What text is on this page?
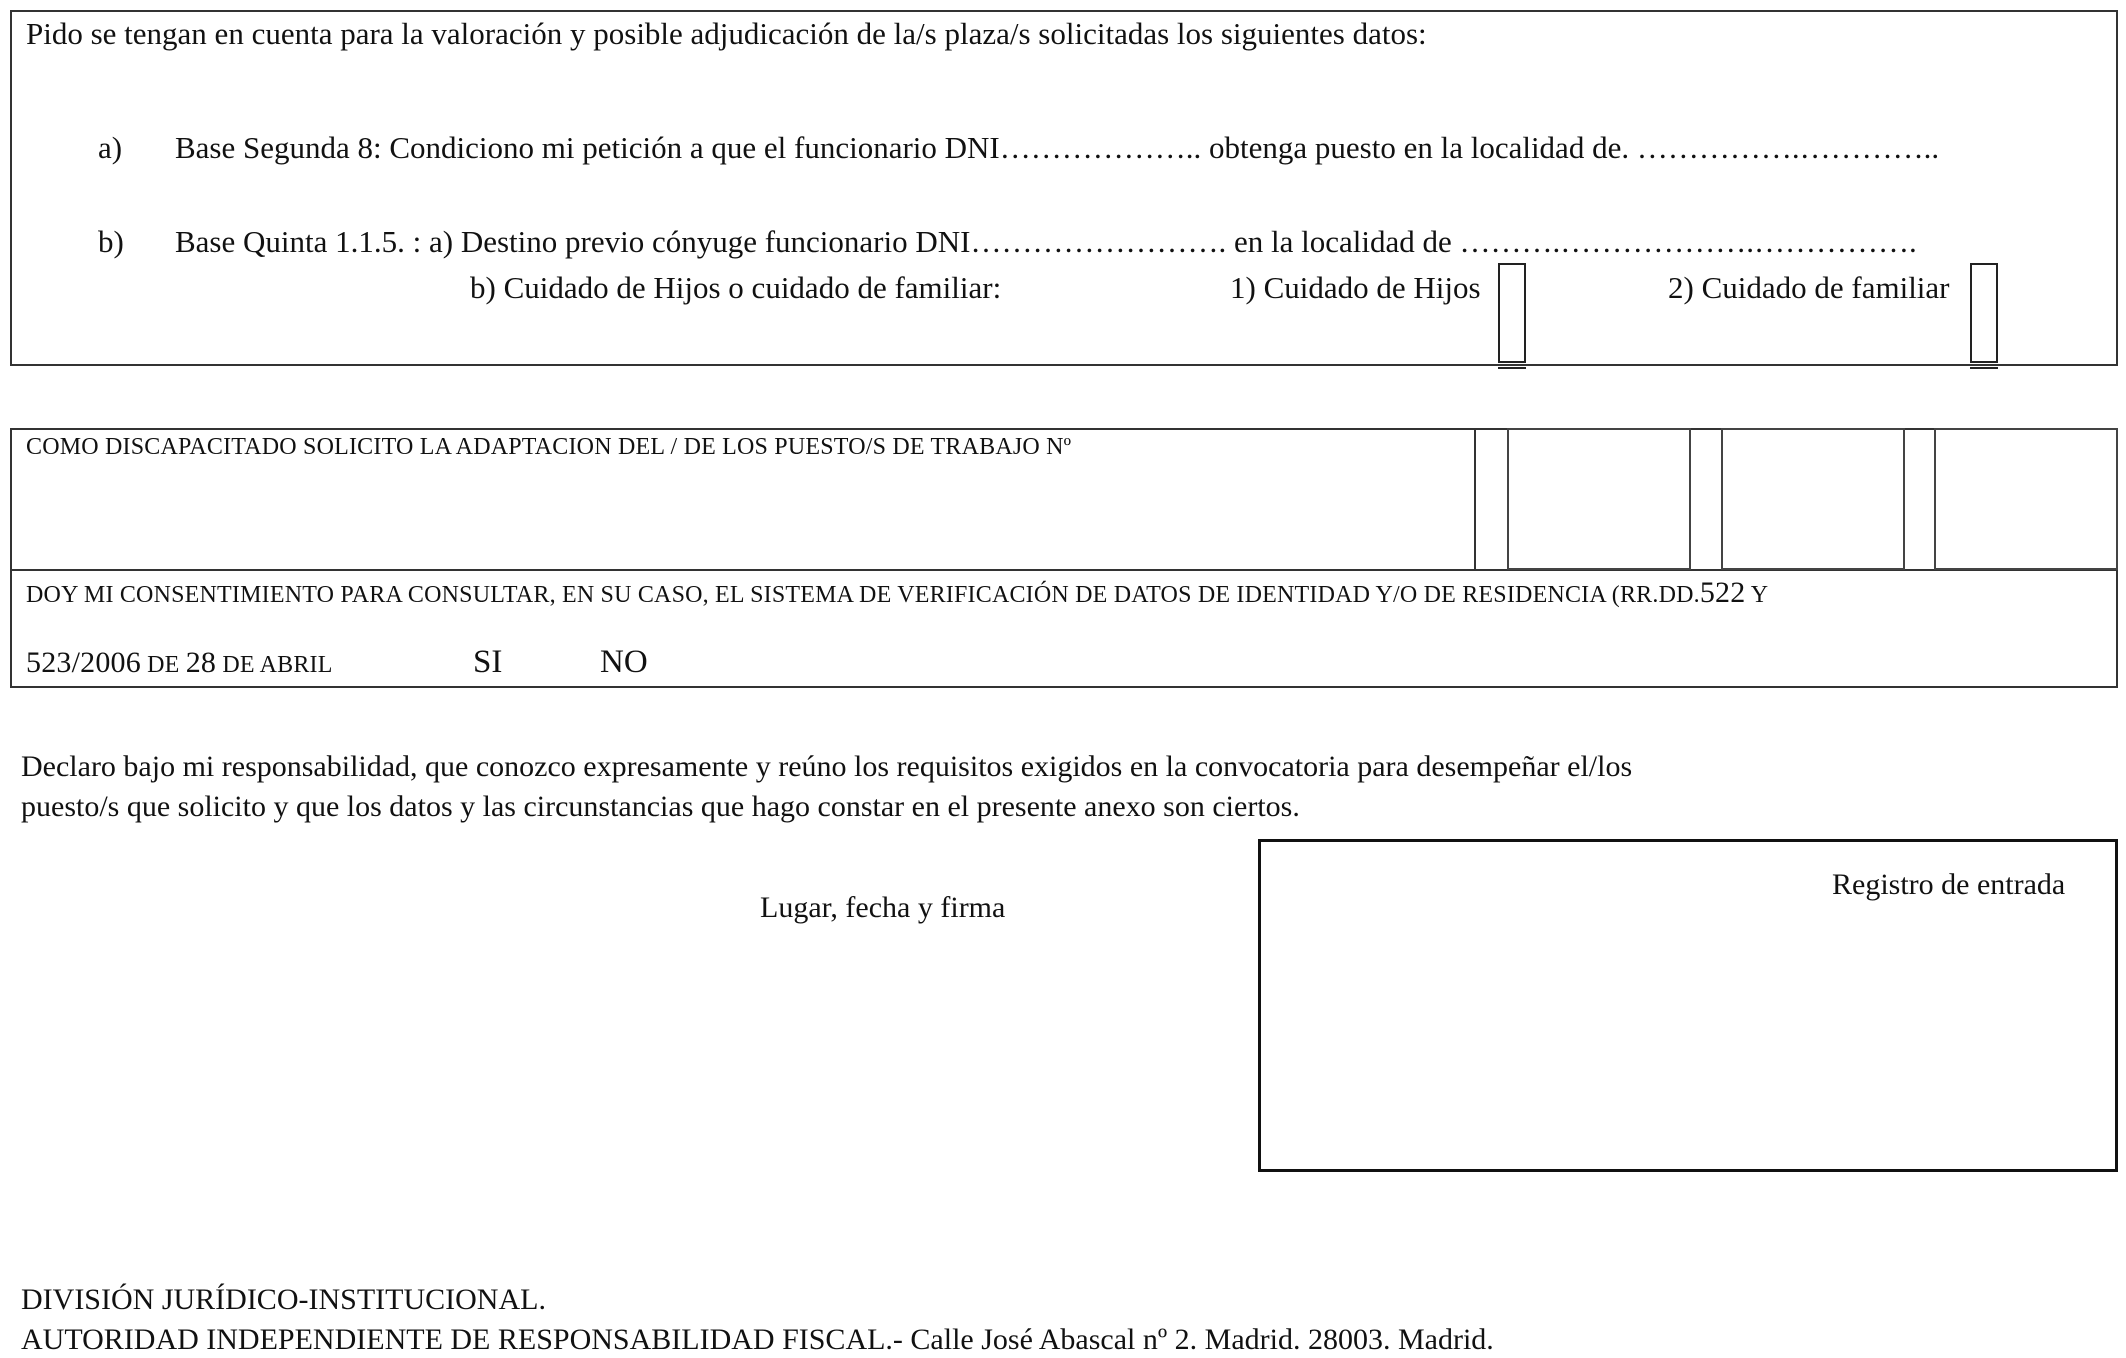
Pido se tengan en cuenta para la valoración y posible adjudicación de la/s plaza/s solicitadas los siguientes datos:
a) Base Segunda 8: Condiciono mi petición a que el funcionario DNI……………….. obtenga puesto en la localidad de. …………….…………..
b) Base Quinta 1.1.5. : a) Destino previo cónyuge funcionario DNI……………………. en la localidad de ……….……………….…………….
b) Cuidado de Hijos o cuidado de familiar:	1) Cuidado de Hijos	2) Cuidado de familiar
COMO DISCAPACITADO SOLICITO LA ADAPTACION DEL / DE LOS PUESTO/S DE TRABAJO Nº
DOY MI CONSENTIMIENTO PARA CONSULTAR, EN SU CASO, EL SISTEMA DE VERIFICACIÓN DE DATOS DE IDENTIDAD Y/O DE RESIDENCIA (RR.DD.522 Y
523/2006 DE 28 DE ABRIL	SI	NO
Declaro bajo mi responsabilidad, que conozco expresamente y reúno los requisitos exigidos en la convocatoria para desempeñar el/los
puesto/s que solicito y que los datos y las circunstancias que hago constar en el presente anexo son ciertos.
Lugar, fecha y firma
Registro de entrada
DIVISIÓN JURÍDICO-INSTITUCIONAL.
AUTORIDAD INDEPENDIENTE DE RESPONSABILIDAD FISCAL.- Calle José Abascal nº 2. Madrid. 28003. Madrid.
